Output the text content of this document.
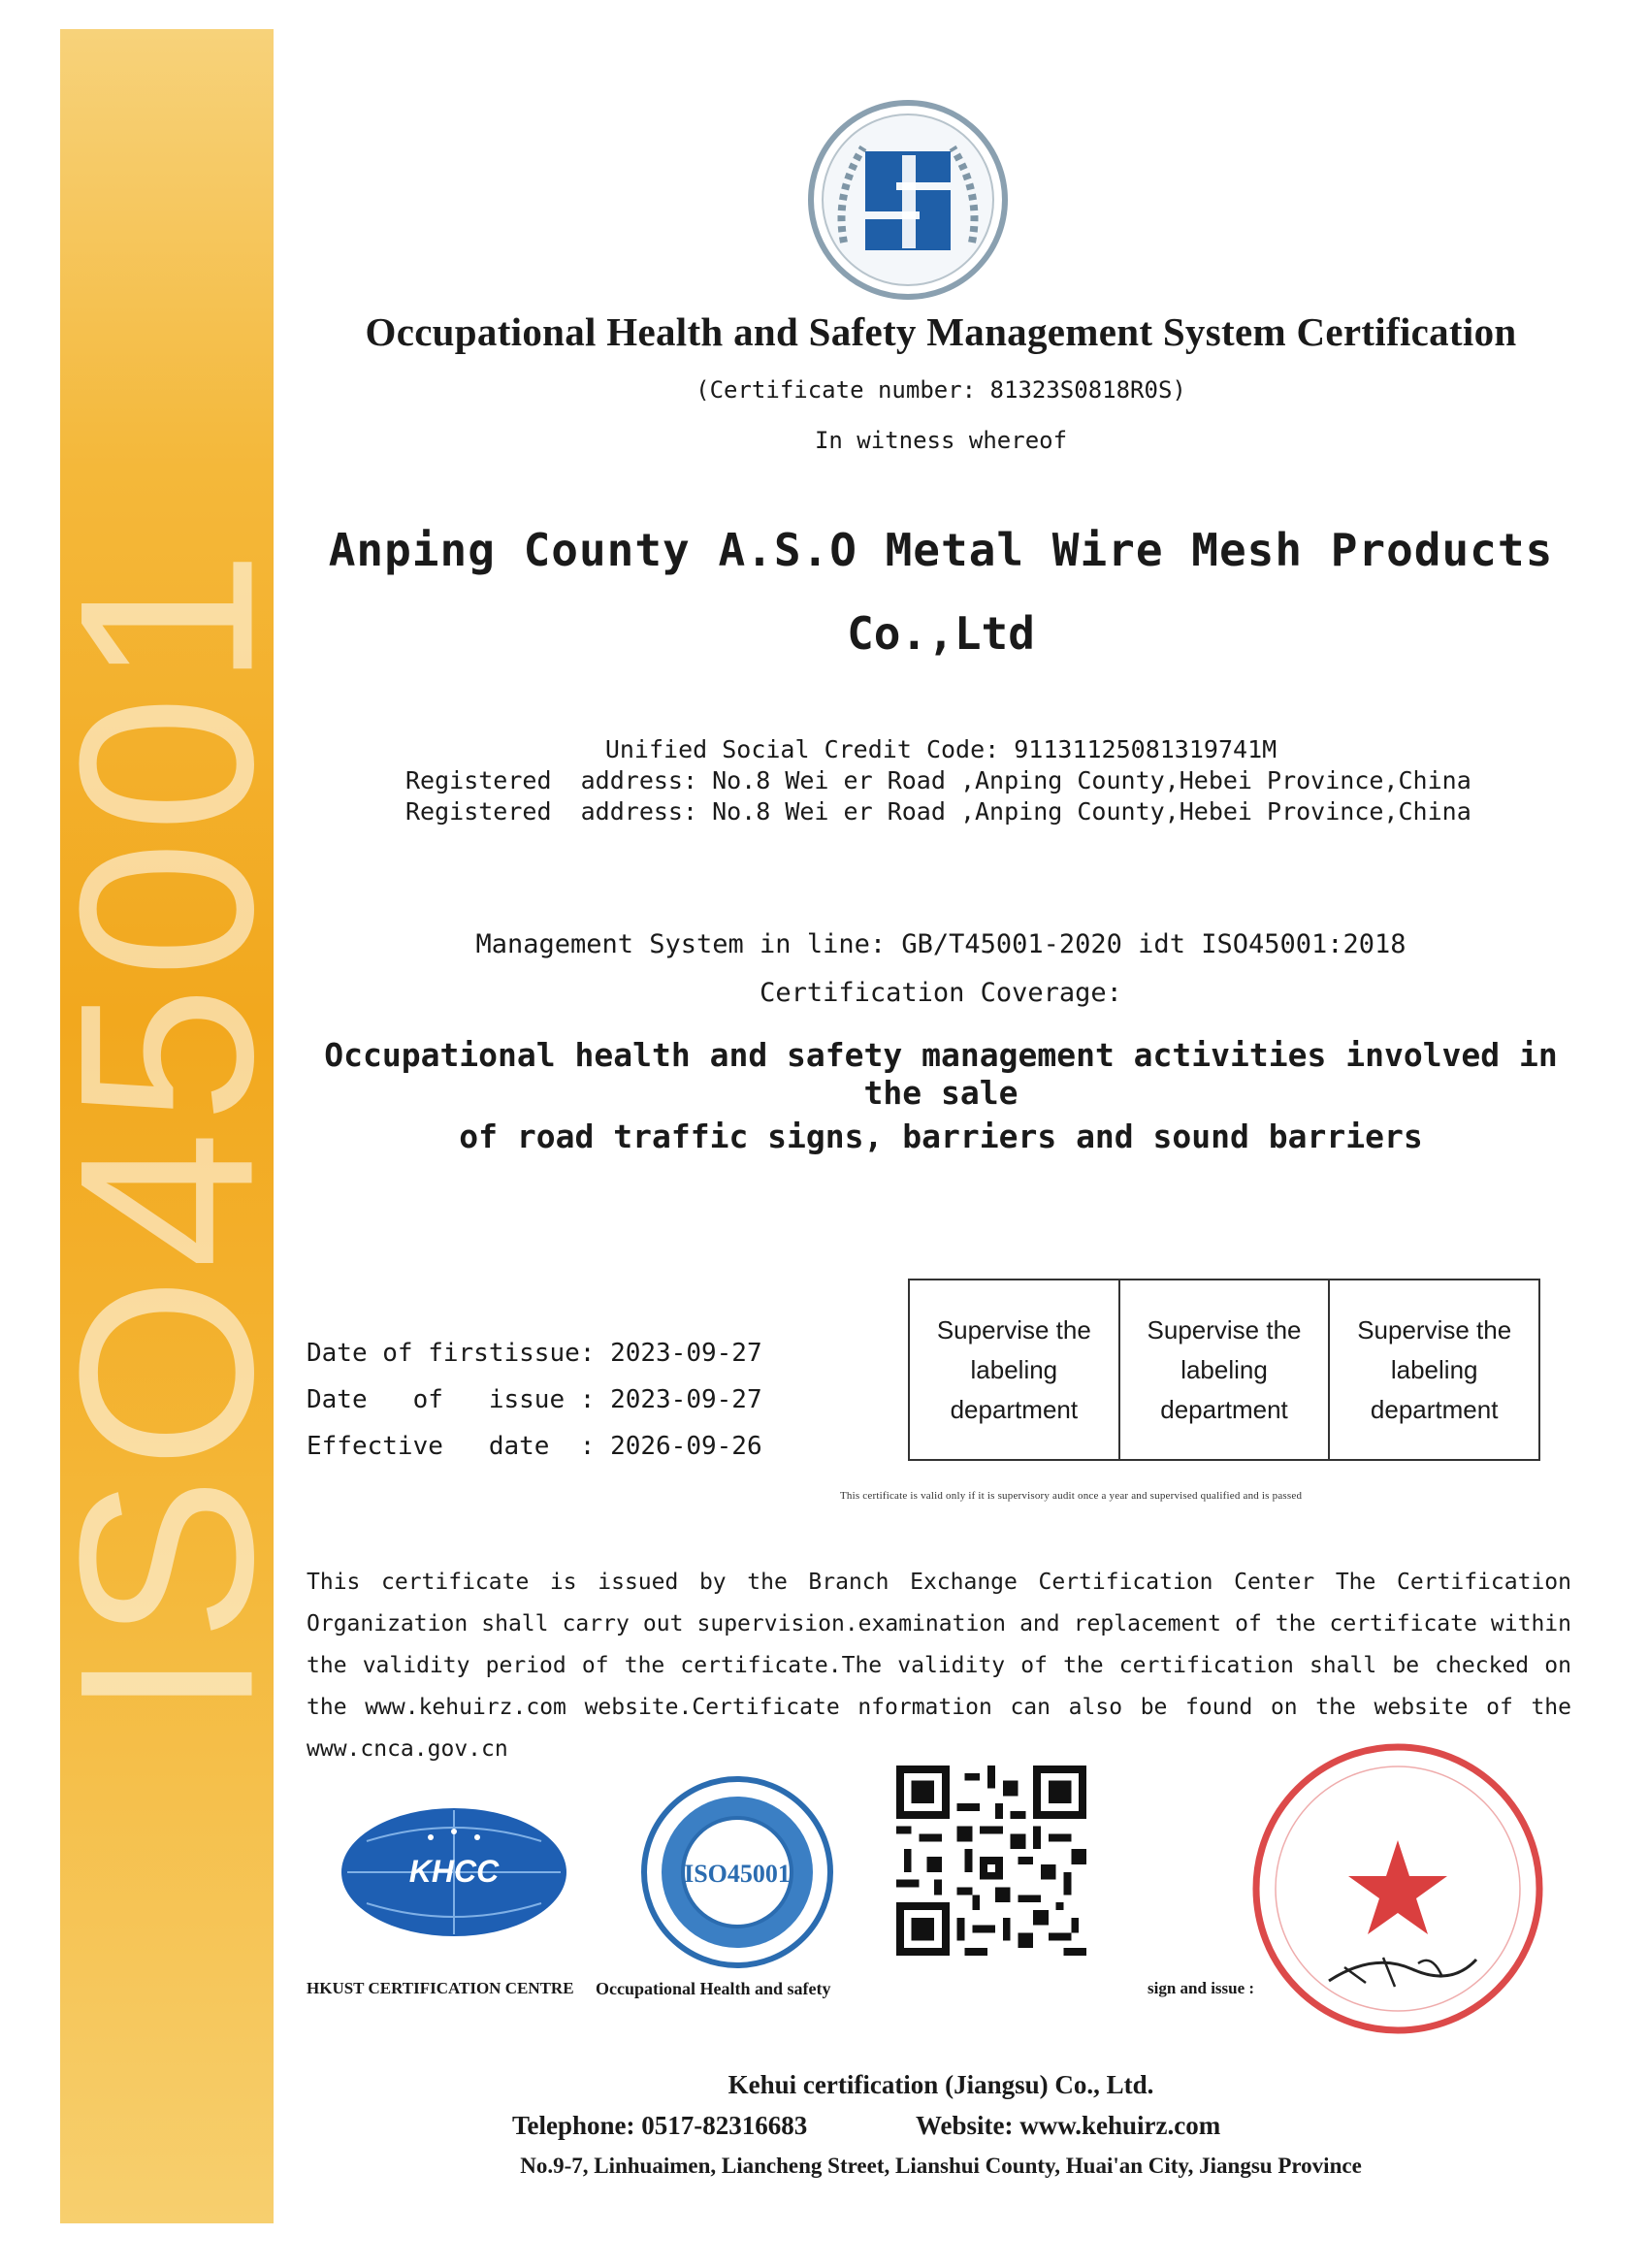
ISO45001
Occupational Health and Safety Management System Certification
(Certificate number: 81323S0818R0S)
In witness whereof
Anping County A.S.O Metal Wire Mesh Products
Co.,Ltd
Unified Social Credit Code: 91131125081319741M
Registered  address: No.8 Wei er Road ,Anping County,Hebei Province,China
Registered  address: No.8 Wei er Road ,Anping County,Hebei Province,China
Management System in line: GB/T45001-2020 idt ISO45001:2018
Certification Coverage:
Occupational health and safety management activities involved in the sale
of road traffic signs, barriers and sound barriers
Date of firstissue: 2023-09-27
Date   of   issue : 2023-09-27
Effective   date  : 2026-09-26
Supervise the labeling department
Supervise the labeling department
Supervise the labeling department
This certificate is valid only if it is supervisory audit once a year and supervised qualified and is passed
This certificate is issued by the Branch Exchange Certification Center The Certification Organization shall carry out supervision.examination and replacement of the certificate within the validity period of the certificate.The validity of the certification shall be checked on the www.kehuirz.com website.Certificate nformation can also be found on the website of the www.cnca.gov.cn
KHCC	ISO45001
HKUST CERTIFICATION CENTRE Occupational Health and safety	sign and issue :
Kehui certification (Jiangsu) Co., Ltd.
Telephone: 0517-82316683	Website: www.kehuirz.com
No.9-7, Linhuaimen, Liancheng Street, Lianshui County, Huai'an City, Jiangsu Province
